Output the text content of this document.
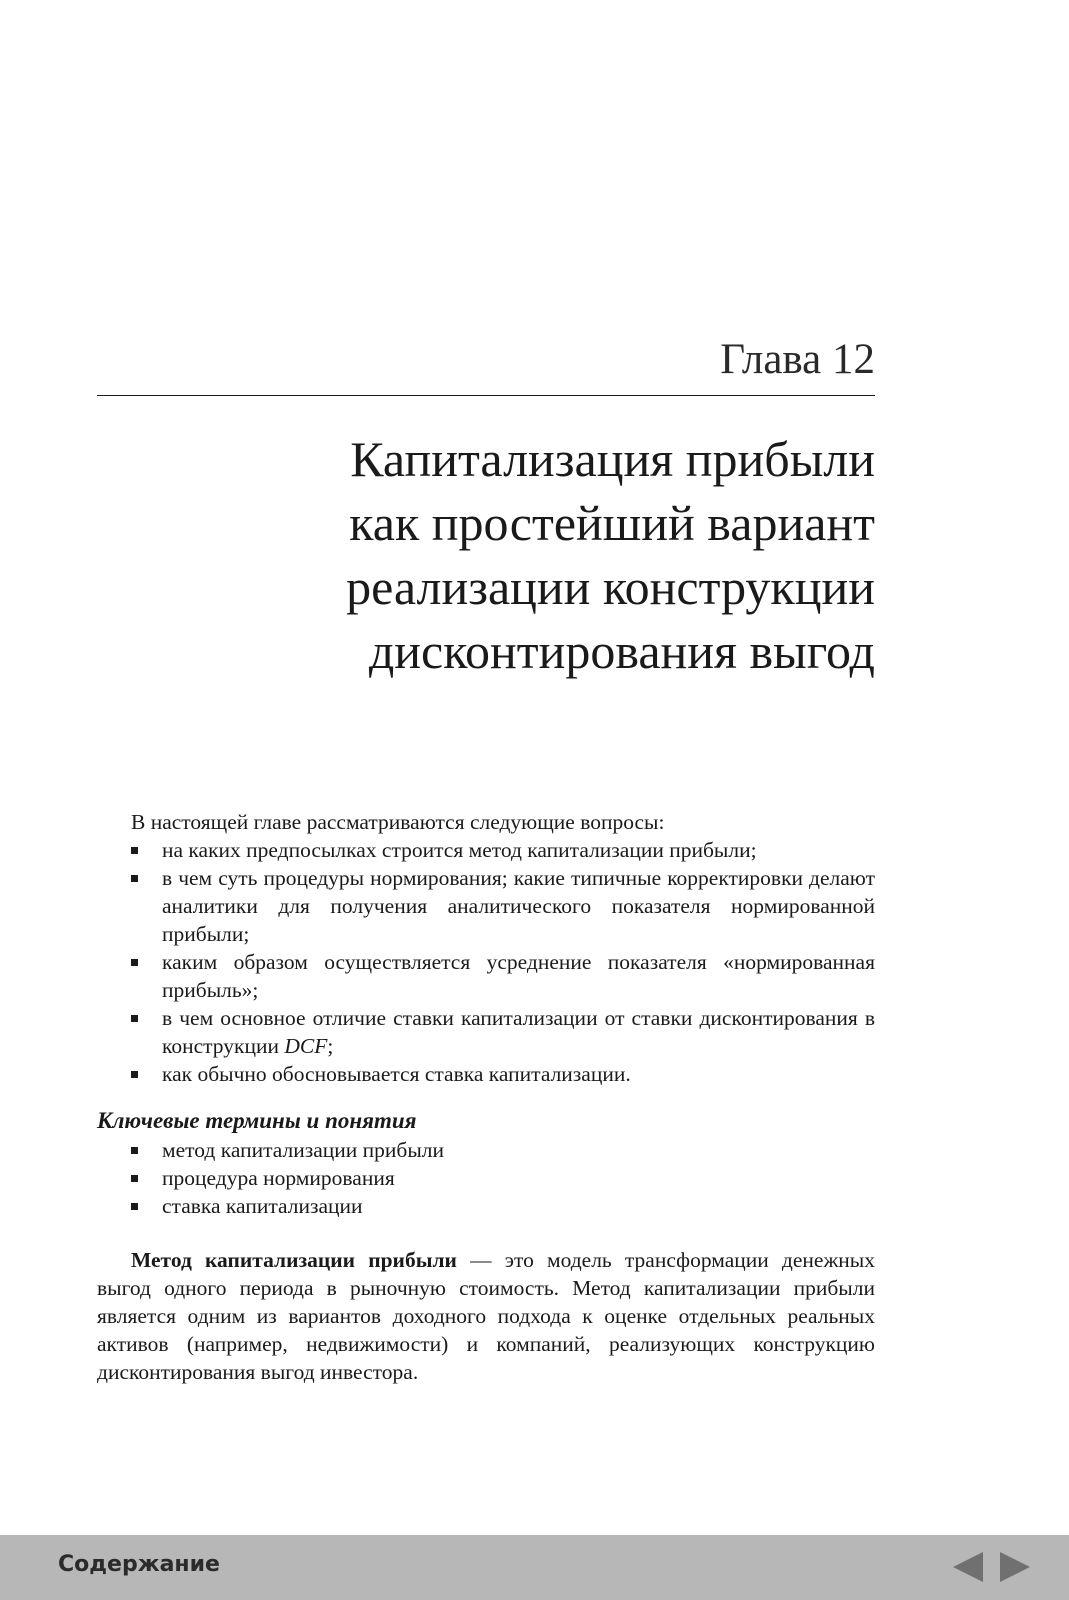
Глава 12
Капитализация прибыли
как простейший вариант
реализации конструкции
дисконтирования выгод

В настоящей главе рассматриваются следующие вопросы:

на каких предпосылках строится метод капитализации прибыли;
в чем суть процедуры нормирования; какие типичные корректировки делают аналитики для получения аналитического показателя нормированной прибыли;
каким образом осуществляется усреднение показателя «нормированная прибыль»;
в чем основное отличие ставки капитализации от ставки дисконтирования в конструкции DCF;
как обычно обосновывается ставка капитализации.
Ключевые термины и понятия
метод капитализации прибыли
процедура нормирования
ставка капитализации

Метод капитализации прибыли — это модель трансформации денежных выгод одного периода в рыночную стоимость. Метод капитализации прибыли является одним из вариантов доходного подхода к оценке отдельных реальных активов (например, недвижимости) и компаний, реализующих конструкцию дисконтирования выгод инвестора.

Содержание
